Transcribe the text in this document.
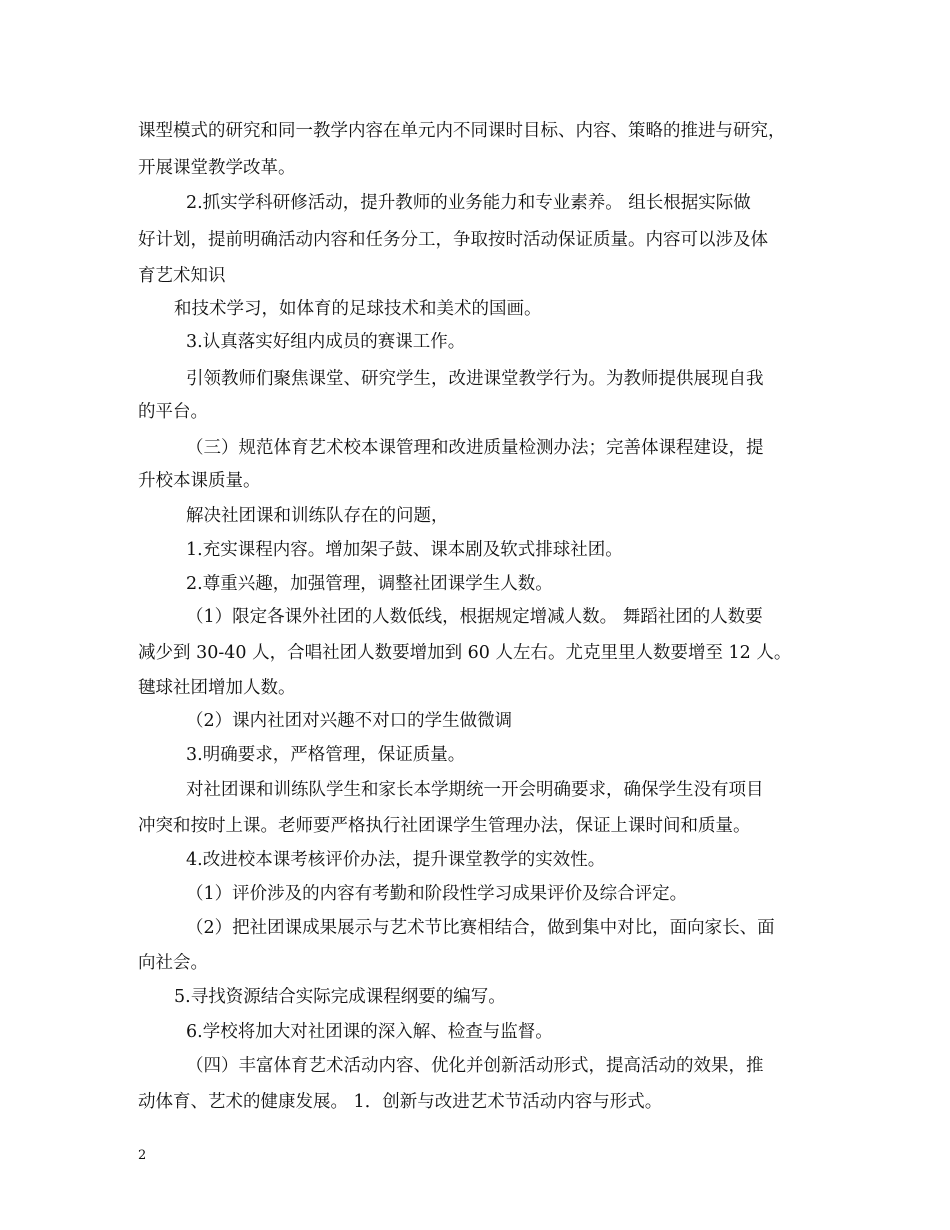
课型模式的研究和同一教学内容在单元内不同课时目标、内容、策略的推进与研究，
开展课堂教学改革。
2.抓实学科研修活动，提升教师的业务能力和专业素养。 组长根据实际做
好计划，提前明确活动内容和任务分工，争取按时活动保证质量。内容可以涉及体
育艺术知识
和技术学习，如体育的足球技术和美术的国画。
3.认真落实好组内成员的赛课工作。
引领教师们聚焦课堂、研究学生，改进课堂教学行为。为教师提供展现自我
的平台。
（三）规范体育艺术校本课管理和改进质量检测办法；完善体课程建设，提
升校本课质量。
解决社团课和训练队存在的问题，
1.充实课程内容。增加架子鼓、课本剧及软式排球社团。
2.尊重兴趣，加强管理，调整社团课学生人数。
（1）限定各课外社团的人数低线，根据规定增减人数。 舞蹈社团的人数要
减少到 30-40 人，合唱社团人数要增加到 60 人左右。尤克里里人数要增至 12 人。
毽球社团增加人数。
（2）课内社团对兴趣不对口的学生做微调
3.明确要求，严格管理，保证质量。
对社团课和训练队学生和家长本学期统一开会明确要求，确保学生没有项目
冲突和按时上课。老师要严格执行社团课学生管理办法，保证上课时间和质量。
4.改进校本课考核评价办法，提升课堂教学的实效性。
（1）评价涉及的内容有考勤和阶段性学习成果评价及综合评定。
（2）把社团课成果展示与艺术节比赛相结合，做到集中对比，面向家长、面
向社会。
5.寻找资源结合实际完成课程纲要的编写。
6.学校将加大对社团课的深入解、检查与监督。
（四）丰富体育艺术活动内容、优化并创新活动形式，提高活动的效果，推
动体育、艺术的健康发展。 1．创新与改进艺术节活动内容与形式。
2
